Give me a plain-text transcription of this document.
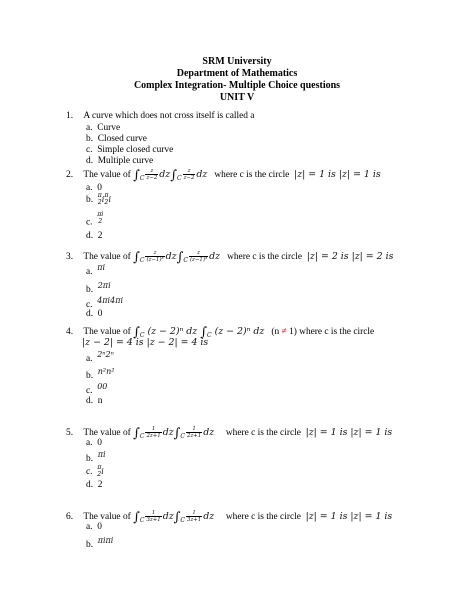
SRM University
Department of Mathematics
Complex Integration- Multiple Choice questions
UNIT V
1. A curve which does not cross itself is called a
a. Curve
b. Closed curve
c. Simple closed curve
d. Multiple curve
2. The value of $\int_C \frac{z}{z-2} dz\int_C \frac{z}{z-2}$ dz where c is the circle |z| = 1 is |z| = 1 is
a. 0
b. π
2 i π
2 i
c.
πi
2
d. 2
3. The value of $\int_C \frac{z}{\text{(z−1)³}} dz\int_C \frac{z}{\text{(z−1)³}}$ dz where c is the circle |z| = 2 is |z| = 2 is
a. πi
b. 2πi
c. 4πi4πi
d. 0
4. The value of $\int_C$ (z − 2)ⁿ dz $\int_C$ (z − 2)ⁿ dz (n ≠ 1) where c is the circle
|z − 2| = 4 is |z − 2| = 4 is
a. 2ⁿ2ⁿ
b. n²n²
c. 00
d. n
5. The value of $\int_C \frac{1}{2z+1} dz\int_C \frac{1}{2z+1}$ dz where c is the circle |z| = 1 is |z| = 1 is
a. 0
b. πi
c. π
2 i
d. 2
6. The value of $\int_C \frac{1}{3z+1} dz\int_C \frac{1}{3z+1}$ dz where c is the circle |z| = 1 is |z| = 1 is
a. 0
b. πiπi
